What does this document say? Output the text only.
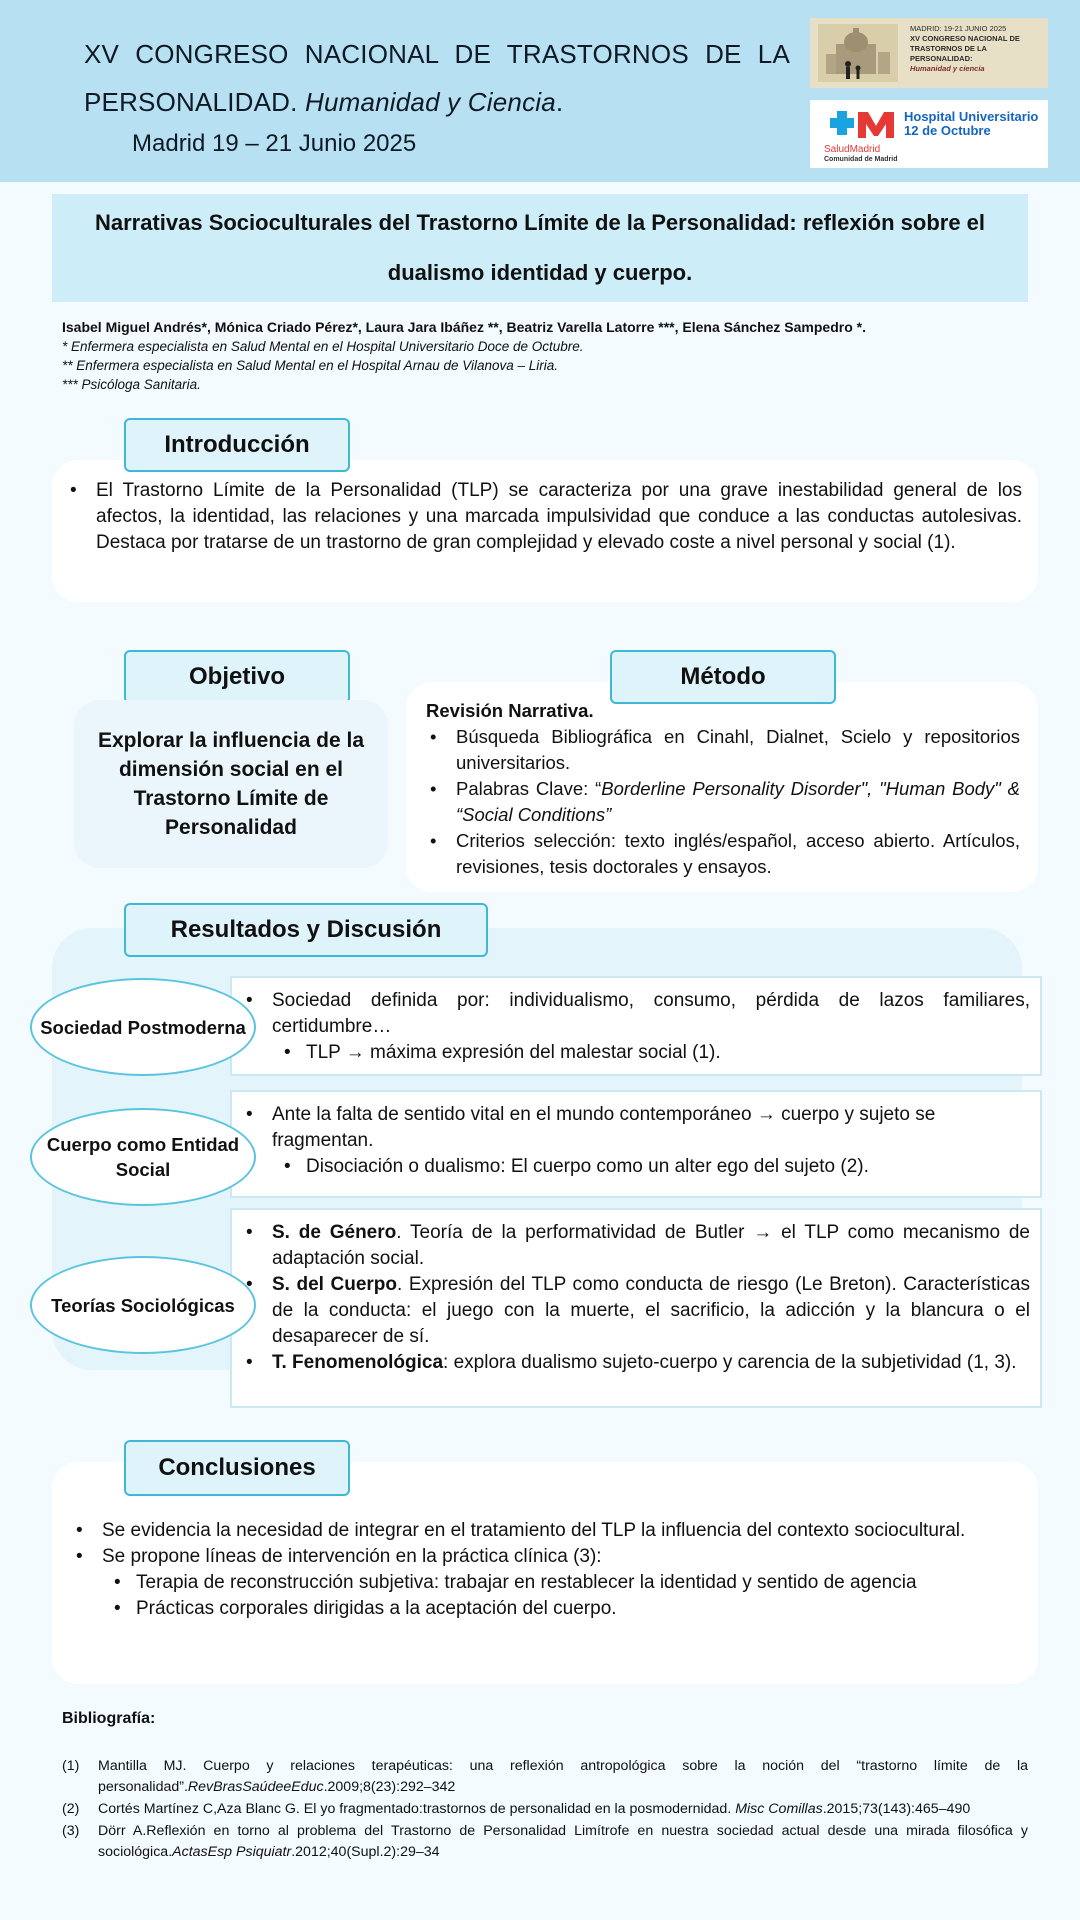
XV CONGRESO NACIONAL DE TRASTORNOS DE LA
PERSONALIDAD. Humanidad y Ciencia.
Madrid 19 – 21 Junio 2025
MADRID: 19-21 JUNIO 2025
XV CONGRESO NACIONAL DE
TRASTORNOS DE LA PERSONALIDAD:
Humanidad y ciencia
Hospital Universitario
12 de Octubre
SaludMadrid
Comunidad de Madrid
Narrativas Socioculturales del Trastorno Límite de la Personalidad: reflexión sobre el
dualismo identidad y cuerpo.
Isabel Miguel Andrés*, Mónica Criado Pérez*, Laura Jara Ibáñez **, Beatriz Varella Latorre ***, Elena Sánchez Sampedro *.
* Enfermera especialista en Salud Mental en el Hospital Universitario Doce de Octubre.
** Enfermera especialista en Salud Mental en el Hospital Arnau de Vilanova – Liria.
*** Psicóloga Sanitaria.
Introducción
• El Trastorno Límite de la Personalidad (TLP) se caracteriza por una grave inestabilidad general de los afectos, la identidad, las relaciones y una marcada impulsividad que conduce a las conductas autolesivas. Destaca por tratarse de un trastorno de gran complejidad y elevado coste a nivel personal y social (1).
Objetivo
Explorar la influencia de la dimensión social en el Trastorno Límite de Personalidad
Método
Revisión Narrativa.
• Búsqueda Bibliográfica en Cinahl, Dialnet, Scielo y repositorios universitarios.
• Palabras Clave: “Borderline Personality Disorder", "Human Body" & “Social Conditions”
• Criterios selección: texto inglés/español, acceso abierto. Artículos, revisiones, tesis doctorales y ensayos.
Resultados y Discusión
• Sociedad definida por: individualismo, consumo, pérdida de lazos familiares, certidumbre…
• TLP → máxima expresión del malestar social (1).
Sociedad Postmoderna
• Ante la falta de sentido vital en el mundo contemporáneo → cuerpo y sujeto se fragmentan.
• Disociación o dualismo: El cuerpo como un alter ego del sujeto (2).
Cuerpo como Entidad Social
• S. de Género. Teoría de la performatividad de Butler → el TLP como mecanismo de adaptación social.
• S. del Cuerpo. Expresión del TLP como conducta de riesgo (Le Breton). Características de la conducta: el juego con la muerte, el sacrificio, la adicción y la blancura o el desaparecer de sí.
• T. Fenomenológica: explora dualismo sujeto-cuerpo y carencia de la subjetividad (1, 3).
Teorías Sociológicas
Conclusiones
• Se evidencia la necesidad de integrar en el tratamiento del TLP la influencia del contexto sociocultural.
• Se propone líneas de intervención en la práctica clínica (3):
• Terapia de reconstrucción subjetiva: trabajar en restablecer la identidad y sentido de agencia
• Prácticas corporales dirigidas a la aceptación del cuerpo.
Bibliografía:
(1)	Mantilla MJ. Cuerpo y relaciones terapéuticas: una reflexión antropológica sobre la noción del “trastorno límite de la personalidad”.RevBrasSaúdeeEduc.2009;8(23):292–342
(2)	Cortés Martínez C,Aza Blanc G. El yo fragmentado:trastornos de personalidad en la posmodernidad. Misc Comillas.2015;73(143):465–490
(3)	Dörr A.Reflexión en torno al problema del Trastorno de Personalidad Limítrofe en nuestra sociedad actual desde una mirada filosófica y sociológica.ActasEsp Psiquiatr.2012;40(Supl.2):29–34
